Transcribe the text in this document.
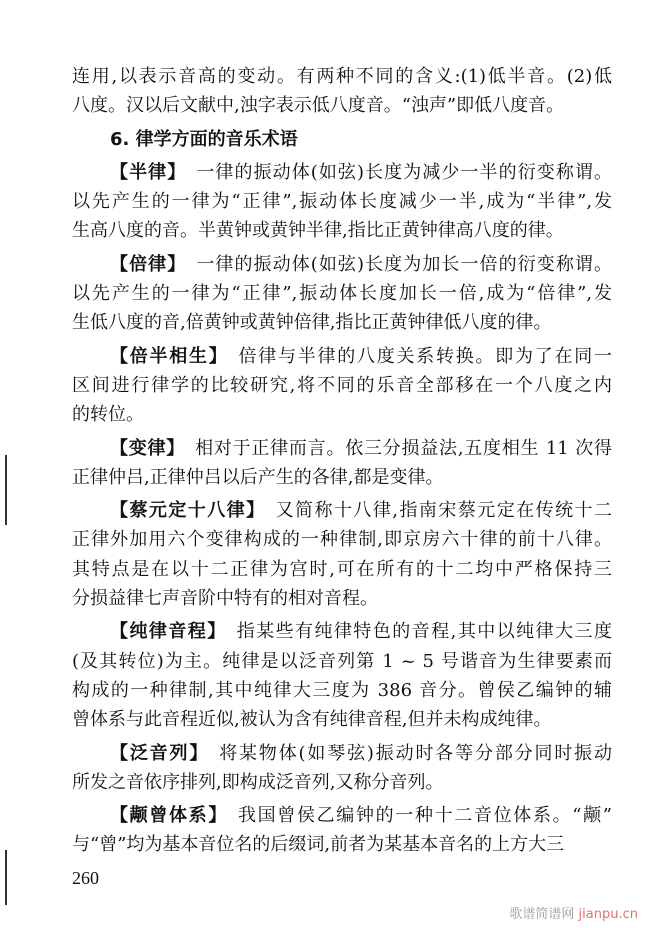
连用,以表示音高的变动。有两种不同的含义:(1)低半音。(2)低
八度。汉以后文献中,浊字表示低八度音。“浊声”即低八度音。
6. 律学方面的音乐术语
【半律】 一律的振动体(如弦)长度为减少一半的衍变称谓。
以先产生的一律为“正律”,振动体长度减少一半,成为“半律”,发
生高八度的音。半黄钟或黄钟半律,指比正黄钟律高八度的律。
【倍律】 一律的振动体(如弦)长度为加长一倍的衍变称谓。
以先产生的一律为“正律”,振动体长度加长一倍,成为“倍律”,发
生低八度的音,倍黄钟或黄钟倍律,指比正黄钟律低八度的律。
【倍半相生】 倍律与半律的八度关系转换。即为了在同一
区间进行律学的比较研究,将不同的乐音全部移在一个八度之内
的转位。
【变律】 相对于正律而言。依三分损益法,五度相生 11 次得
正律仲吕,正律仲吕以后产生的各律,都是变律。
【蔡元定十八律】 又简称十八律,指南宋蔡元定在传统十二
正律外加用六个变律构成的一种律制,即京房六十律的前十八律。
其特点是在以十二正律为宫时,可在所有的十二均中严格保持三
分损益律七声音阶中特有的相对音程。
【纯律音程】 指某些有纯律特色的音程,其中以纯律大三度
(及其转位)为主。纯律是以泛音列第 1 ~ 5 号谐音为生律要素而
构成的一种律制,其中纯律大三度为 386 音分。曾侯乙编钟的辅
曾体系与此音程近似,被认为含有纯律音程,但并未构成纯律。
【泛音列】 将某物体(如琴弦)振动时各等分部分同时振动
所发之音依序排列,即构成泛音列,又称分音列。
【颟曾体系】 我国曾侯乙编钟的一种十二音位体系。“颟”
与“曾”均为基本音位名的后缀词,前者为某基本音名的上方大三
260
歌谱简谱网 jianpu.cn
